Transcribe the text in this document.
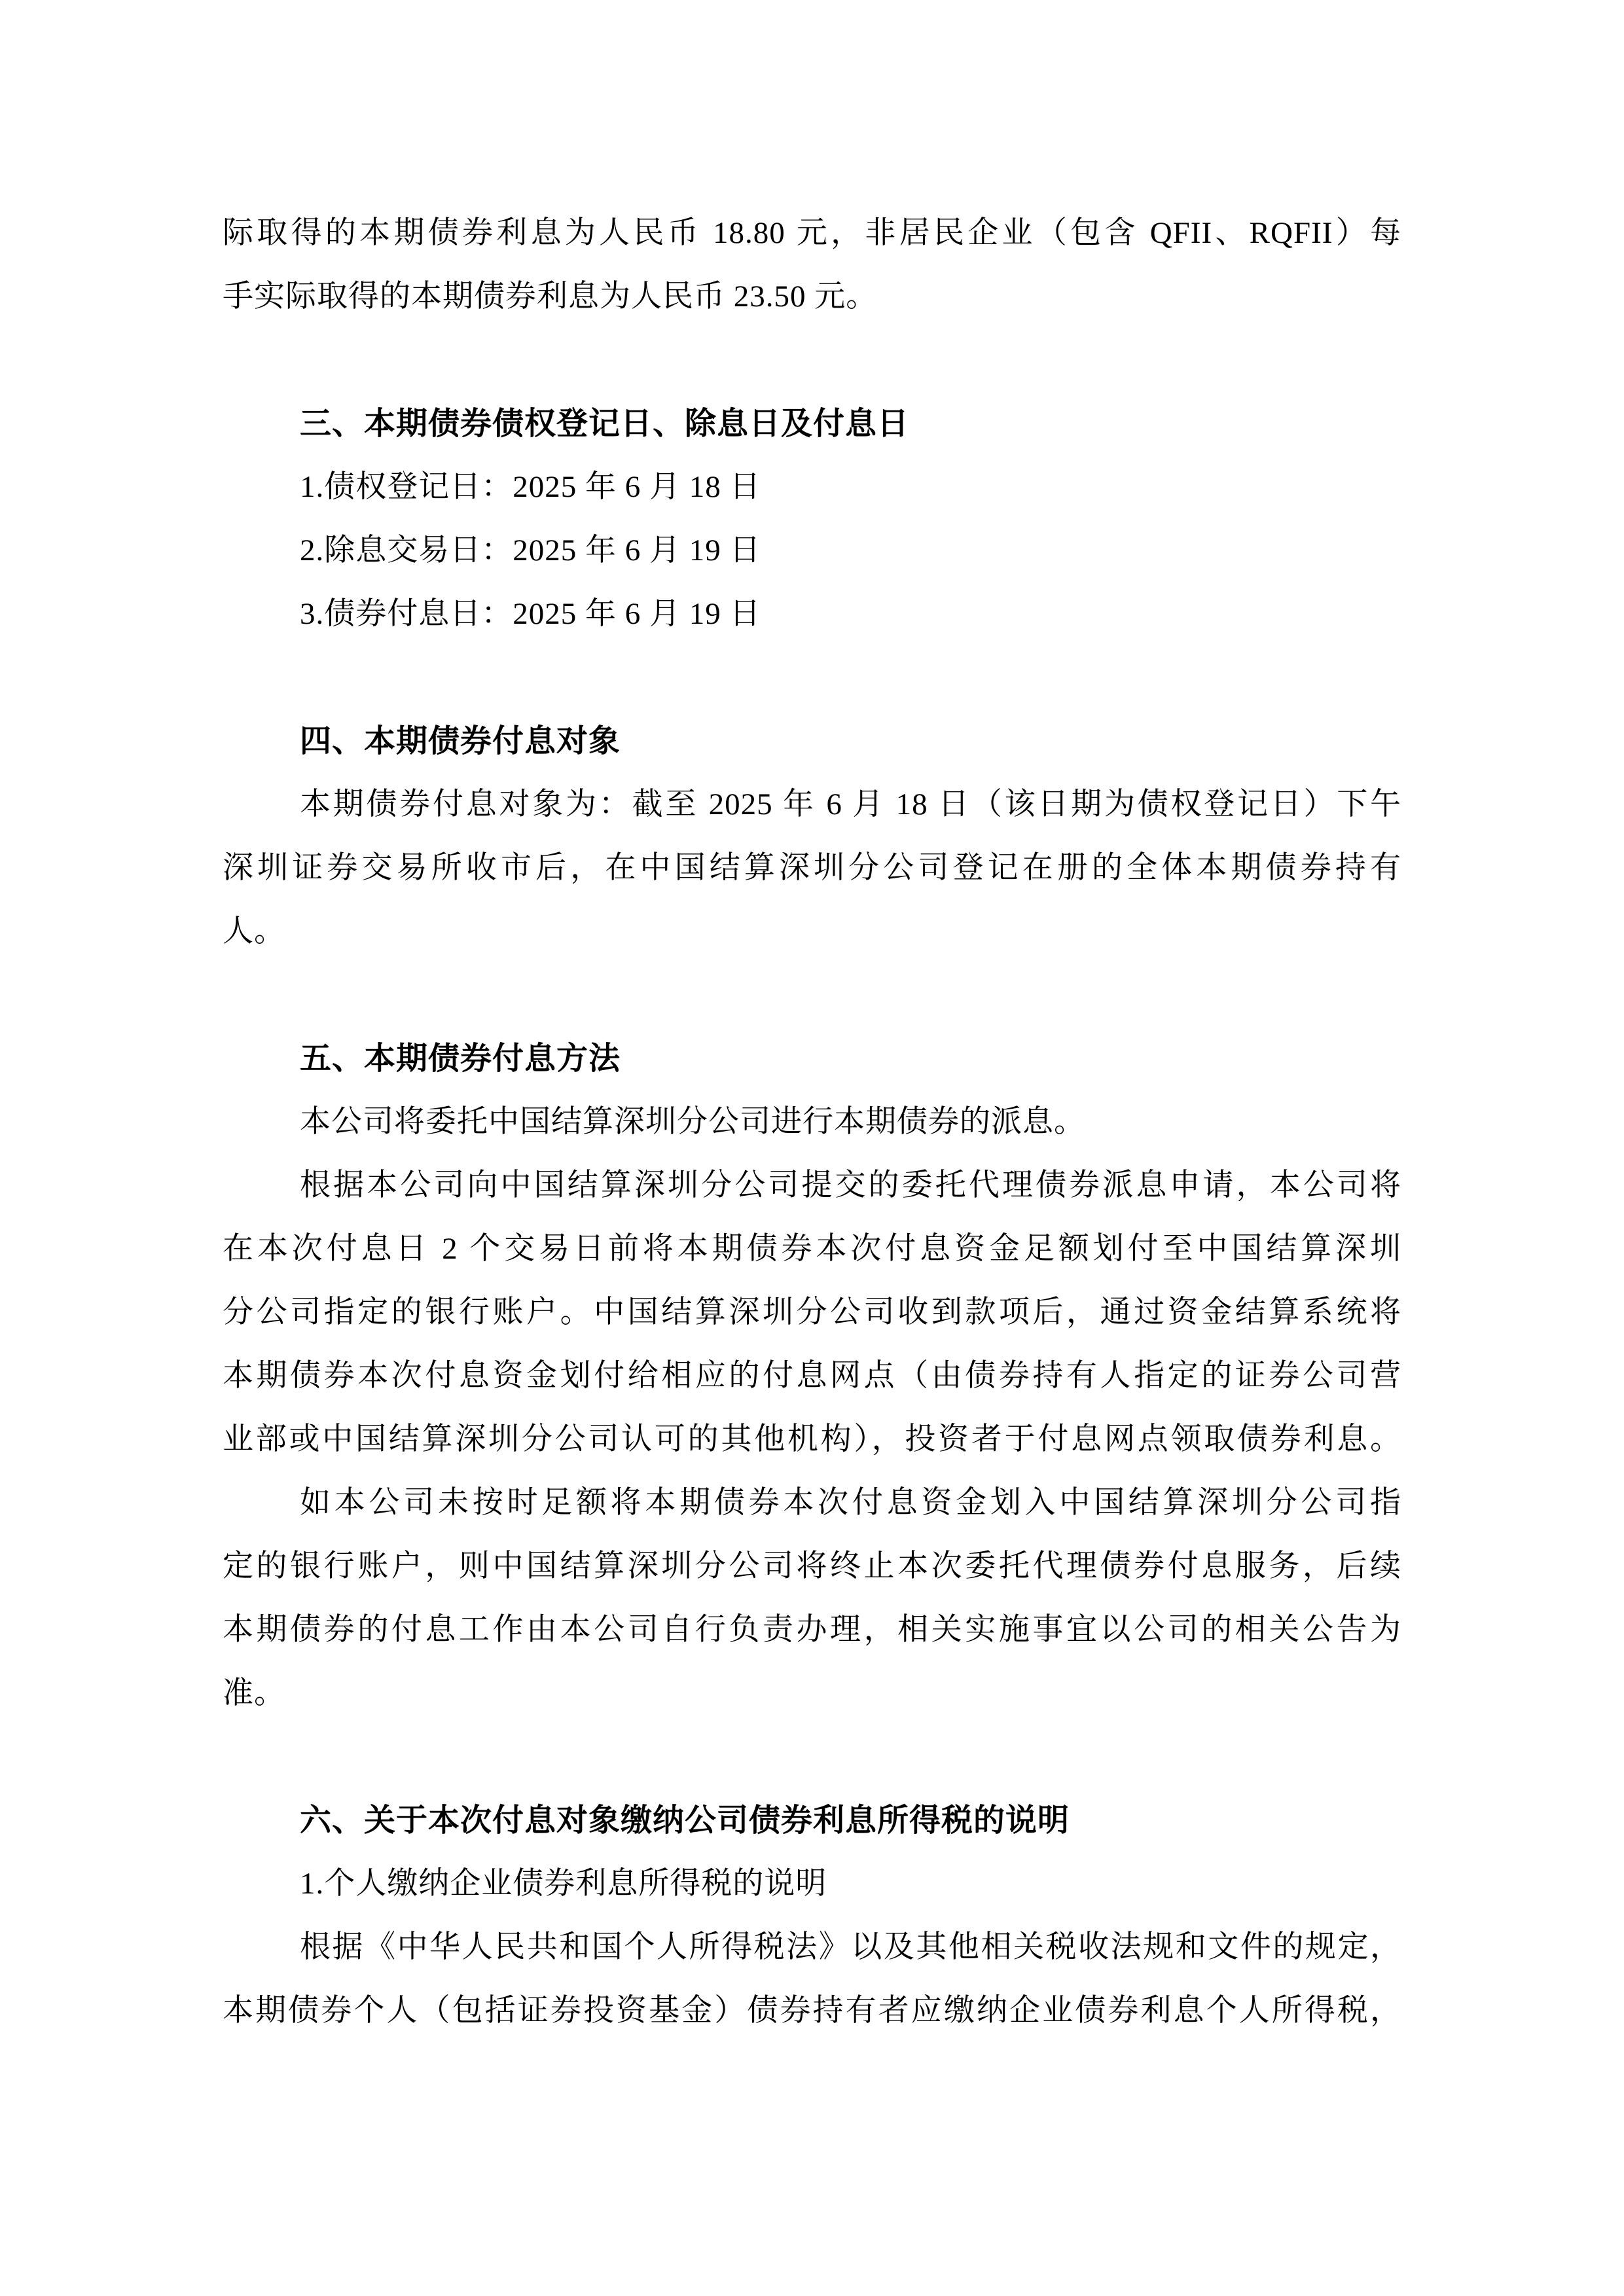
际取得的本期债券利息为人民币 18.80 元，非居民企业（包含 QFII、RQFII）每
手实际取得的本期债券利息为人民币 23.50 元。
三、本期债券债权登记日、除息日及付息日
1.债权登记日：2025 年 6 月 18 日
2.除息交易日：2025 年 6 月 19 日
3.债券付息日：2025 年 6 月 19 日
四、本期债券付息对象
本期债券付息对象为：截至 2025 年 6 月 18 日（该日期为债权登记日）下午
深圳证券交易所收市后，在中国结算深圳分公司登记在册的全体本期债券持有
人。
五、本期债券付息方法
本公司将委托中国结算深圳分公司进行本期债券的派息。
根据本公司向中国结算深圳分公司提交的委托代理债券派息申请，本公司将
在本次付息日 2 个交易日前将本期债券本次付息资金足额划付至中国结算深圳
分公司指定的银行账户。中国结算深圳分公司收到款项后，通过资金结算系统将
本期债券本次付息资金划付给相应的付息网点（由债券持有人指定的证券公司营
业部或中国结算深圳分公司认可的其他机构），投资者于付息网点领取债券利息。
如本公司未按时足额将本期债券本次付息资金划入中国结算深圳分公司指
定的银行账户，则中国结算深圳分公司将终止本次委托代理债券付息服务，后续
本期债券的付息工作由本公司自行负责办理，相关实施事宜以公司的相关公告为
准。
六、关于本次付息对象缴纳公司债券利息所得税的说明
1.个人缴纳企业债券利息所得税的说明
根据《中华人民共和国个人所得税法》以及其他相关税收法规和文件的规定，
本期债券个人（包括证券投资基金）债券持有者应缴纳企业债券利息个人所得税，
